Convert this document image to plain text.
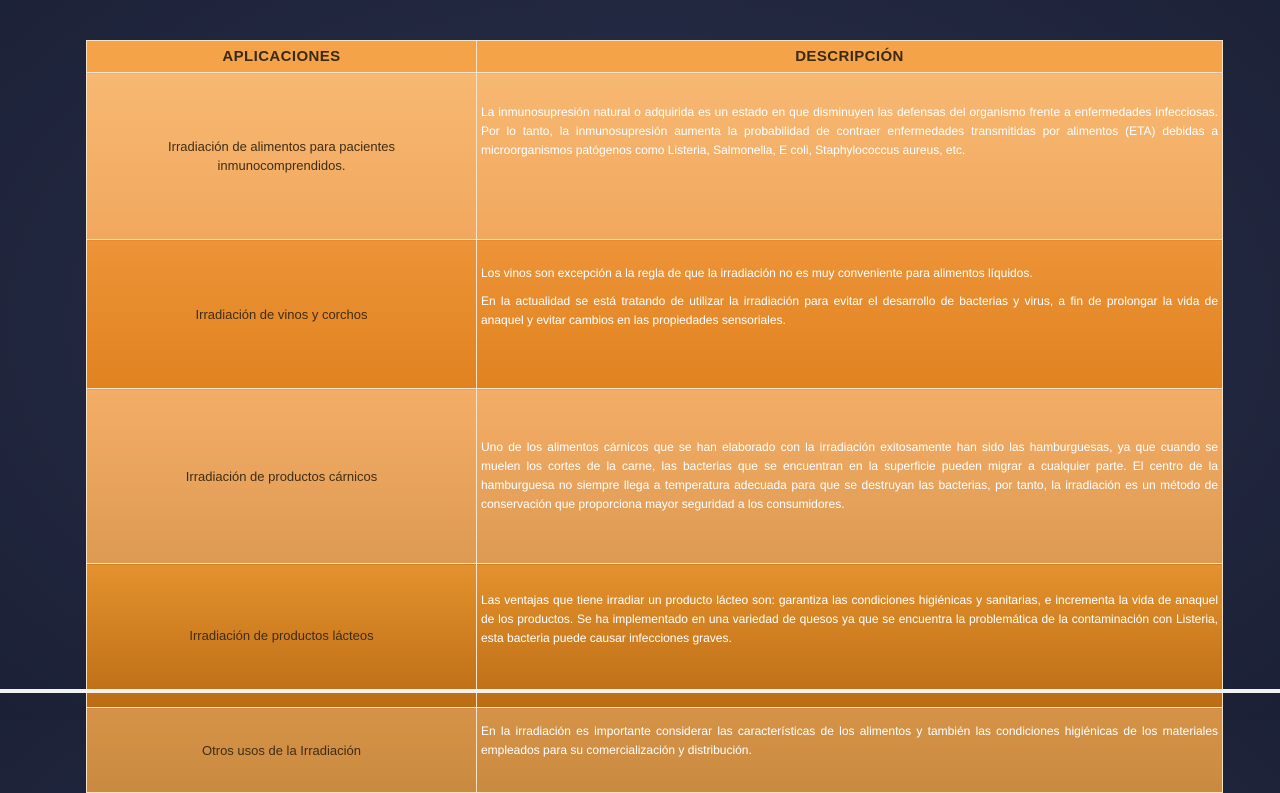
APLICACIONES	DESCRIPCIÓN
Irradiación de alimentos para pacientes inmunocomprendidos.	La inmunosupresión natural o adquirida es un estado en que disminuyen las defensas del organismo frente a enfermedades infecciosas. Por lo tanto, la inmunosupresión aumenta la probabilidad de contraer enfermedades transmitidas por alimentos (ETA) debidas a microorganismos patógenos como Listeria, Salmonella, E coli, Staphylococcus aureus, etc.

Irradiación de vinos y corchos	Los vinos son excepción a la regla de que la irradiación no es muy conveniente para alimentos líquidos.

En la actualidad se está tratando de utilizar la irradiación para evitar el desarrollo de bacterias y virus, a fin de prolongar la vida de anaquel y evitar cambios en las propiedades sensoriales.

Irradiación de productos cárnicos	Uno de los alimentos cárnicos que se han elaborado con la irradiación exitosamente han sido las hamburguesas, ya que cuando se muelen los cortes de la carne, las bacterias que se encuentran en la superficie pueden migrar a cualquier parte. El centro de la hamburguesa no siempre llega a temperatura adecuada para que se destruyan las bacterias, por tanto, la irradiación es un método de conservación que proporciona mayor seguridad a los consumidores.

Irradiación de productos lácteos	Las ventajas que tiene irradiar un producto lácteo son: garantiza las condiciones higiénicas y sanitarias, e incrementa la vida de anaquel de los productos. Se ha implementado en una variedad de quesos ya que se encuentra la problemática de la contaminación con Listeria, esta bacteria puede causar infecciones graves.

Otros usos de la Irradiación	En la irradiación es importante considerar las características de los alimentos y también las condiciones higiénicas de los materiales empleados para su comercialización y distribución.
